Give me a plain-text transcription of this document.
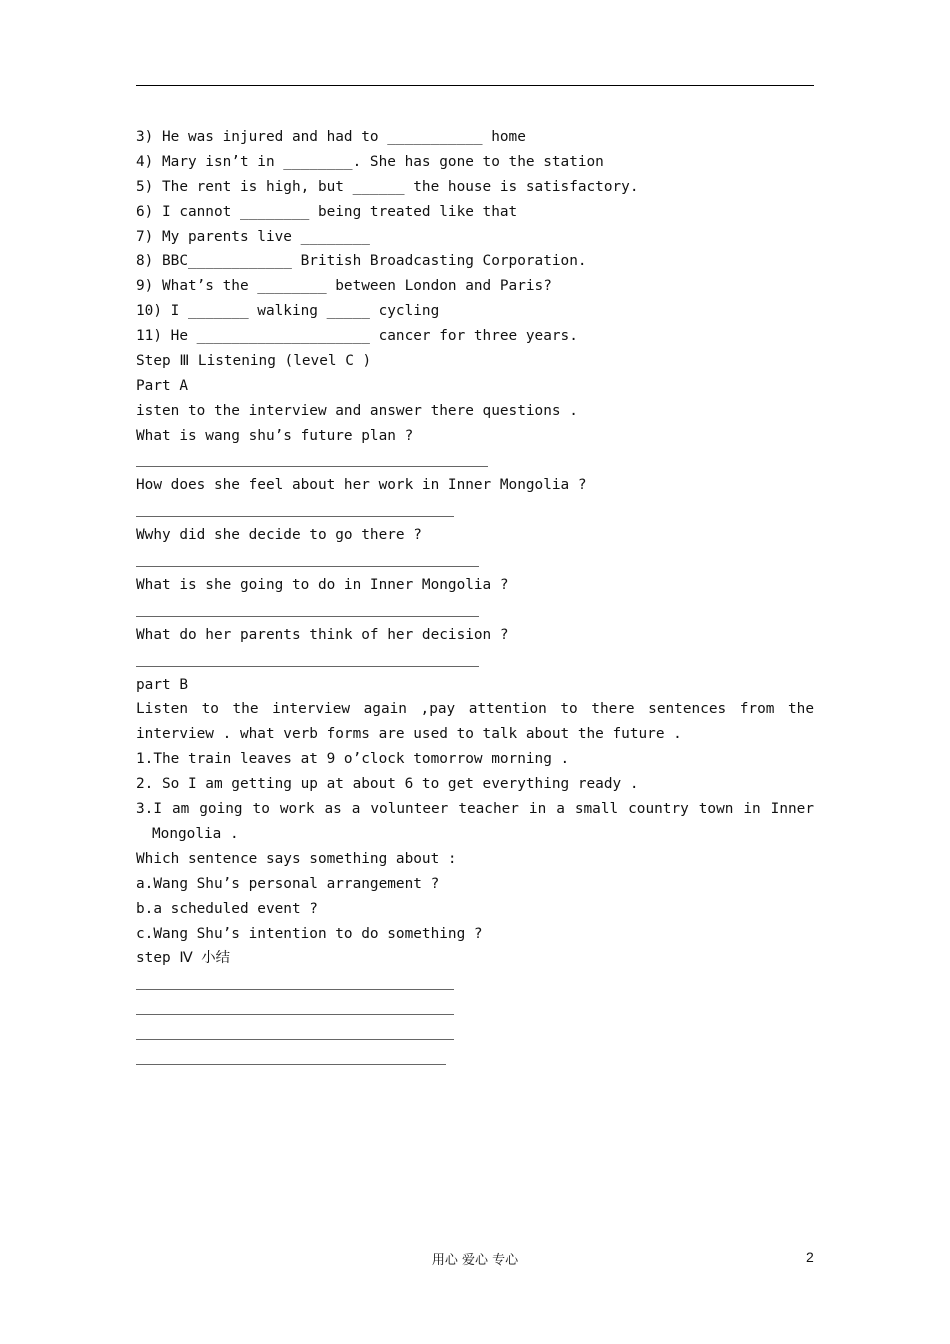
3) He was injured and had to ___________ home
4) Mary isn’t in ________. She has gone to the station
5) The rent is high, but ______ the house is satisfactory.
6) I cannot ________ being treated like that
7) My parents live ________
8) BBC____________ British Broadcasting Corporation.
9) What’s the ________ between London and Paris?
10) I _______ walking _____ cycling
11) He ____________________ cancer for three years.
Step Ⅲ Listening (level C )
Part A
isten to the interview and answer there questions .
What is wang shu’s future plan ?
How does she feel about her work in Inner Mongolia ?
Wwhy did she decide to go there ?
What is she going to do in Inner Mongolia ?
What do her parents think of her decision ?
part B
Listen to the interview again ,pay attention to there sentences from the
interview . what verb forms are used to talk about the future .
1.The train leaves at 9 o’clock tomorrow morning .
2. So I am getting up at about 6 to get everything ready .
3.I am going to work as a volunteer teacher in a small country town in Inner
Mongolia .
Which sentence says something about :
a.Wang Shu’s personal arrangement ?
b.a scheduled event ?
c.Wang Shu’s intention to do something ?
step Ⅳ 小结
用心 爱心 专心	2
